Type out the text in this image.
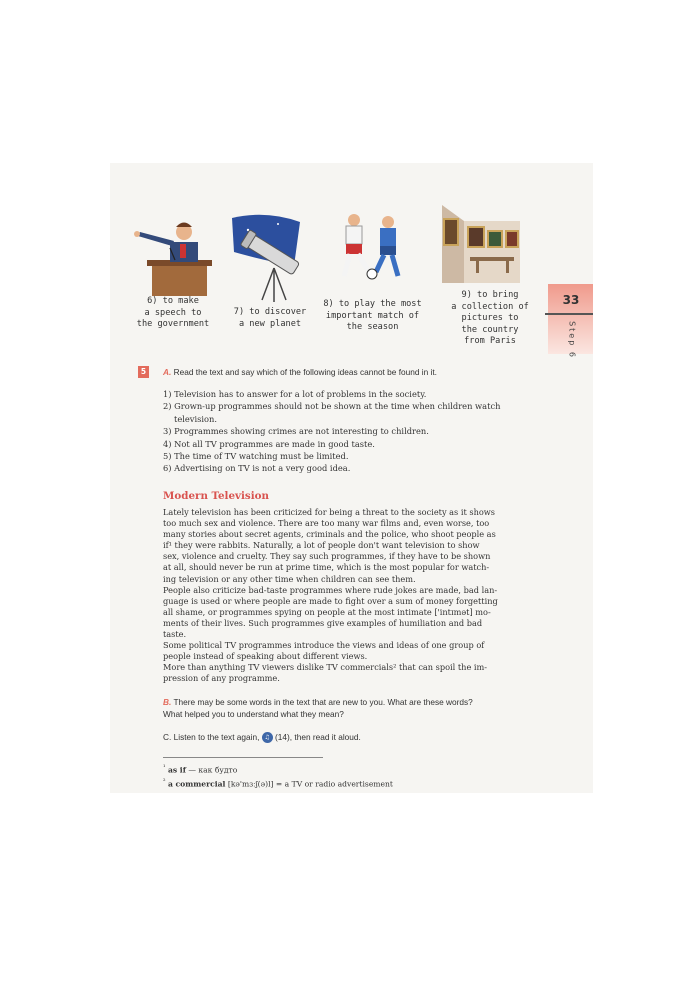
6) to make
a speech to
the government
7) to discover
a new planet
8) to play the most
important match of
the season
9) to bring
a collection of
pictures to
the country
from Paris
33
Step 6
5	A. Read the text and say which of the following ideas cannot be found in it.
1) Television has to answer for a lot of problems in the society.
2) Grown-up programmes should not be shown at the time when children watch
television.
3) Programmes showing crimes are not interesting to children.
4) Not all TV programmes are made in good taste.
5) The time of TV watching must be limited.
6) Advertising on TV is not a very good idea.
Modern Television
Lately television has been criticized for being a threat to the society as it shows
too much sex and violence. There are too many war films and, even worse, too
many stories about secret agents, criminals and the police, who shoot people as
if¹ they were rabbits. Naturally, a lot of people don't want television to show
sex, violence and cruelty. They say such programmes, if they have to be shown
at all, should never be run at prime time, which is the most popular for watch-
ing television or any other time when children can see them.
People also criticize bad-taste programmes where rude jokes are made, bad lan-
guage is used or where people are made to fight over a sum of money forgetting
all shame, or programmes spying on people at the most intimate ['intɪmət] mo-
ments of their lives. Such programmes give examples of humiliation and bad
taste.
Some political TV programmes introduce the views and ideas of one group of
people instead of speaking about different views.
More than anything TV viewers dislike TV commercials² that can spoil the im-
pression of any programme.
B. There may be some words in the text that are new to you. What are these words?
What helped you to understand what they mean?
C. Listen to the text again, ♫ (14), then read it aloud.
$^{^1}$ as if — как будто
$^{^2}$ a commercial [kə'mɜːʃ(ə)l] = a TV or radio advertisement
